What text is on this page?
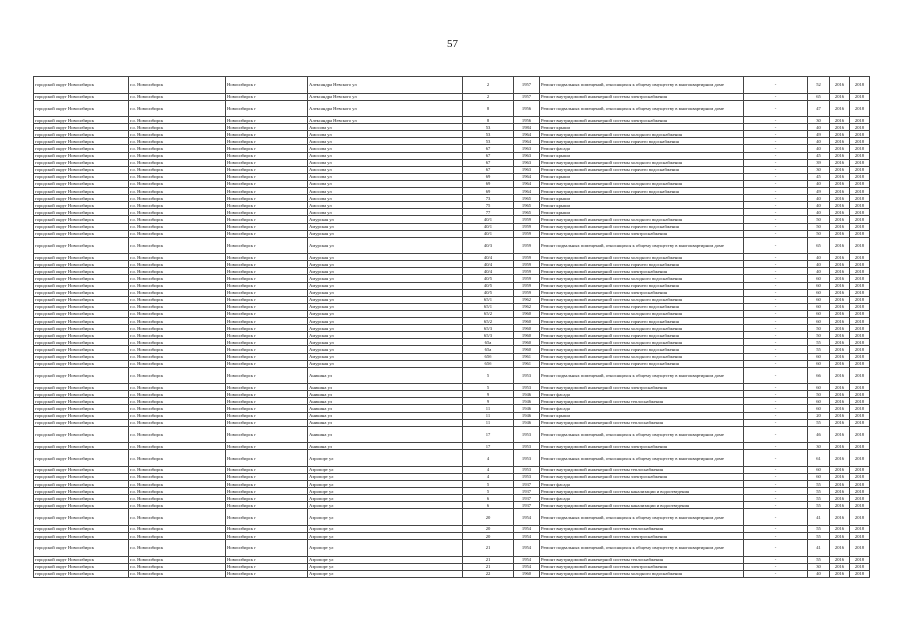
57
городской округ Новосибирск	г.о. Новосибирск	Новосибирск г	Александра Невского ул	2	1957	Ремонт подвальных помещений, относящихся к общему имуществу в многоквартирном доме	-	52	2016	2018
городской округ Новосибирск	г.о. Новосибирск	Новосибирск г	Александра Невского ул	2	1957	Ремонт внутридомовой инженерной системы электроснабжения	-	65	2016	2018
городской округ Новосибирск	г.о. Новосибирск	Новосибирск г	Александра Невского ул	8	1956	Ремонт подвальных помещений, относящихся к общему имуществу в многоквартирном доме	-	47	2016	2018
городской округ Новосибирск	г.о. Новосибирск	Новосибирск г	Александра Невского ул	8	1956	Ремонт внутридомовой инженерной системы электроснабжения	-	30	2016	2018
городской округ Новосибирск	г.о. Новосибирск	Новосибирск г	Амосова ул	53	1984	Ремонт крыши	-	40	2016	2018
городской округ Новосибирск	г.о. Новосибирск	Новосибирск г	Амосова ул	53	1964	Ремонт внутридомовой инженерной системы холодного водоснабжения	-	49	2016	2018
городской округ Новосибирск	г.о. Новосибирск	Новосибирск г	Амосова ул	53	1964	Ремонт внутридомовой инженерной системы горячего водоснабжения	-	40	2016	2018
городской округ Новосибирск	г.о. Новосибирск	Новосибирск г	Амосова ул	67	1963	Ремонт фасада	-	40	2016	2018
городской округ Новосибирск	г.о. Новосибирск	Новосибирск г	Амосова ул	67	1963	Ремонт крыши	-	45	2016	2018
городской округ Новосибирск	г.о. Новосибирск	Новосибирск г	Амосова ул	67	1963	Ремонт внутридомовой инженерной системы холодного водоснабжения	-	39	2016	2018
городской округ Новосибирск	г.о. Новосибирск	Новосибирск г	Амосова ул	67	1963	Ремонт внутридомовой инженерной системы горячего водоснабжения	-	30	2016	2018
городской округ Новосибирск	г.о. Новосибирск	Новосибирск г	Амосова ул	69	1964	Ремонт крыши	-	45	2016	2018
городской округ Новосибирск	г.о. Новосибирск	Новосибирск г	Амосова ул	69	1964	Ремонт внутридомовой инженерной системы холодного водоснабжения	-	40	2016	2018
городской округ Новосибирск	г.о. Новосибирск	Новосибирск г	Амосова ул	69	1964	Ремонт внутридомовой инженерной системы горячего водоснабжения	-	49	2016	2018
городской округ Новосибирск	г.о. Новосибирск	Новосибирск г	Амосова ул	73	1965	Ремонт крыши	-	40	2016	2018
городской округ Новосибирск	г.о. Новосибирск	Новосибирск г	Амосова ул	75	1965	Ремонт крыши	-	40	2016	2018
городской округ Новосибирск	г.о. Новосибирск	Новосибирск г	Амосова ул	77	1965	Ремонт крыши	-	40	2016	2018
городской округ Новосибирск	г.о. Новосибирск	Новосибирск г	Амурская ул	40/1	1959	Ремонт внутридомовой инженерной системы холодного водоснабжения	-	50	2016	2018
городской округ Новосибирск	г.о. Новосибирск	Новосибирск г	Амурская ул	40/1	1959	Ремонт внутридомовой инженерной системы горячего водоснабжения	-	50	2016	2018
городской округ Новосибирск	г.о. Новосибирск	Новосибирск г	Амурская ул	40/1	1959	Ремонт внутридомовой инженерной системы электроснабжения	-	50	2016	2018
городской округ Новосибирск	г.о. Новосибирск	Новосибирск г	Амурская ул	40/3	1959	Ремонт подвальных помещений, относящихся к общему имуществу в многоквартирном доме	-	65	2016	2018
городской округ Новосибирск	г.о. Новосибирск	Новосибирск г	Амурская ул	40/4	1959	Ремонт внутридомовой инженерной системы холодного водоснабжения	-	40	2016	2018
городской округ Новосибирск	г.о. Новосибирск	Новосибирск г	Амурская ул	40/4	1959	Ремонт внутридомовой инженерной системы горячего водоснабжения	-	40	2016	2018
городской округ Новосибирск	г.о. Новосибирск	Новосибирск г	Амурская ул	40/4	1959	Ремонт внутридомовой инженерной системы электроснабжения	-	40	2016	2018
городской округ Новосибирск	г.о. Новосибирск	Новосибирск г	Амурская ул	40/5	1959	Ремонт внутридомовой инженерной системы холодного водоснабжения	-	60	2016	2018
городской округ Новосибирск	г.о. Новосибирск	Новосибирск г	Амурская ул	40/5	1959	Ремонт внутридомовой инженерной системы горячего водоснабжения	-	60	2016	2018
городской округ Новосибирск	г.о. Новосибирск	Новосибирск г	Амурская ул	40/5	1959	Ремонт внутридомовой инженерной системы электроснабжения	-	60	2016	2018
городской округ Новосибирск	г.о. Новосибирск	Новосибирск г	Амурская ул	65/1	1962	Ремонт внутридомовой инженерной системы холодного водоснабжения	-	60	2016	2018
городской округ Новосибирск	г.о. Новосибирск	Новосибирск г	Амурская ул	65/1	1962	Ремонт внутридомовой инженерной системы горячего водоснабжения	-	60	2016	2018
городской округ Новосибирск	г.о. Новосибирск	Новосибирск г	Амурская ул	65/2	1960	Ремонт внутридомовой инженерной системы холодного водоснабжения	-	60	2016	2018
городской округ Новосибирск	г.о. Новосибирск	Новосибирск г	Амурская ул	65/2	1960	Ремонт внутридомовой инженерной системы горячего водоснабжения	-	60	2016	2018
городской округ Новосибирск	г.о. Новосибирск	Новосибирск г	Амурская ул	65/3	1960	Ремонт внутридомовой инженерной системы холодного водоснабжения	-	50	2016	2018
городской округ Новосибирск	г.о. Новосибирск	Новосибирск г	Амурская ул	65/3	1960	Ремонт внутридомовой инженерной системы горячего водоснабжения	-	50	2016	2018
городской округ Новосибирск	г.о. Новосибирск	Новосибирск г	Амурская ул	65а	1960	Ремонт внутридомовой инженерной системы холодного водоснабжения	-	55	2016	2018
городской округ Новосибирск	г.о. Новосибирск	Новосибирск г	Амурская ул	65а	1960	Ремонт внутридомовой инженерной системы горячего водоснабжения	-	55	2016	2018
городской округ Новосибирск	г.о. Новосибирск	Новосибирск г	Амурская ул	65б	1961	Ремонт внутридомовой инженерной системы холодного водоснабжения	-	60	2016	2018
городской округ Новосибирск	г.о. Новосибирск	Новосибирск г	Амурская ул	65б	1961	Ремонт внутридомовой инженерной системы горячего водоснабжения	-	60	2016	2018
городской округ Новосибирск	г.о. Новосибирск	Новосибирск г	Аникина ул	5	1953	Ремонт подвальных помещений, относящихся к общему имуществу в многоквартирном доме	-	66	2016	2018
городской округ Новосибирск	г.о. Новосибирск	Новосибирск г	Аникина ул	5	1953	Ремонт внутридомовой инженерной системы электроснабжения	-	60	2016	2018
городской округ Новосибирск	г.о. Новосибирск	Новосибирск г	Аникина ул	9	1946	Ремонт фасада	-	50	2016	2018
городской округ Новосибирск	г.о. Новосибирск	Новосибирск г	Аникина ул	9	1946	Ремонт внутридомовой инженерной системы теплоснабжения	-	60	2016	2018
городской округ Новосибирск	г.о. Новосибирск	Новосибирск г	Аникина ул	11	1946	Ремонт фасада	-	60	2016	2018
городской округ Новосибирск	г.о. Новосибирск	Новосибирск г	Аникина ул	11	1946	Ремонт крыши	-	20	2016	2018
городской округ Новосибирск	г.о. Новосибирск	Новосибирск г	Аникина ул	11	1946	Ремонт внутридомовой инженерной системы теплоснабжения	-	55	2016	2018
городской округ Новосибирск	г.о. Новосибирск	Новосибирск г	Аникина ул	17	1953	Ремонт подвальных помещений, относящихся к общему имуществу в многоквартирном доме	-	46	2016	2018
городской округ Новосибирск	г.о. Новосибирск	Новосибирск г	Аникина ул	17	1953	Ремонт внутридомовой инженерной системы электроснабжения	-	30	2016	2018
городской округ Новосибирск	г.о. Новосибирск	Новосибирск г	Аэропорт ул	4	1953	Ремонт подвальных помещений, относящихся к общему имуществу в многоквартирном доме	-	61	2016	2018
городской округ Новосибирск	г.о. Новосибирск	Новосибирск г	Аэропорт ул	4	1953	Ремонт внутридомовой инженерной системы теплоснабжения	-	60	2016	2018
городской округ Новосибирск	г.о. Новосибирск	Новосибирск г	Аэропорт ул	4	1953	Ремонт внутридомовой инженерной системы электроснабжения	-	60	2016	2018
городской округ Новосибирск	г.о. Новосибирск	Новосибирск г	Аэропорт ул	5	1937	Ремонт фасада	-	55	2016	2018
городской округ Новосибирск	г.о. Новосибирск	Новосибирск г	Аэропорт ул	5	1937	Ремонт внутридомовой инженерной системы канализации и водоотведения	-	55	2016	2018
городской округ Новосибирск	г.о. Новосибирск	Новосибирск г	Аэропорт ул	6	1937	Ремонт фасада	-	55	2016	2018
городской округ Новосибирск	г.о. Новосибирск	Новосибирск г	Аэропорт ул	6	1937	Ремонт внутридомовой инженерной системы канализации и водоотведения	-	55	2016	2018
городской округ Новосибирск	г.о. Новосибирск	Новосибирск г	Аэропорт ул	20	1954	Ремонт подвальных помещений, относящихся к общему имуществу в многоквартирном доме	-	41	2016	2018
городской округ Новосибирск	г.о. Новосибирск	Новосибирск г	Аэропорт ул	20	1954	Ремонт внутридомовой инженерной системы теплоснабжения	-	55	2016	2018
городской округ Новосибирск	г.о. Новосибирск	Новосибирск г	Аэропорт ул	20	1954	Ремонт внутридомовой инженерной системы электроснабжения	-	55	2016	2018
городской округ Новосибирск	г.о. Новосибирск	Новосибирск г	Аэропорт ул	21	1954	Ремонт подвальных помещений, относящихся к общему имуществу в многоквартирном доме	-	41	2016	2018
городской округ Новосибирск	г.о. Новосибирск	Новосибирск г	Аэропорт ул	21	1954	Ремонт внутридомовой инженерной системы теплоснабжения	-	55	2016	2018
городской округ Новосибирск	г.о. Новосибирск	Новосибирск г	Аэропорт ул	21	1954	Ремонт внутридомовой инженерной системы электроснабжения	-	30	2016	2018
городской округ Новосибирск	г.о. Новосибирск	Новосибирск г	Аэропорт ул	22	1960	Ремонт внутридомовой инженерной системы холодного водоснабжения	-	40	2016	2018
